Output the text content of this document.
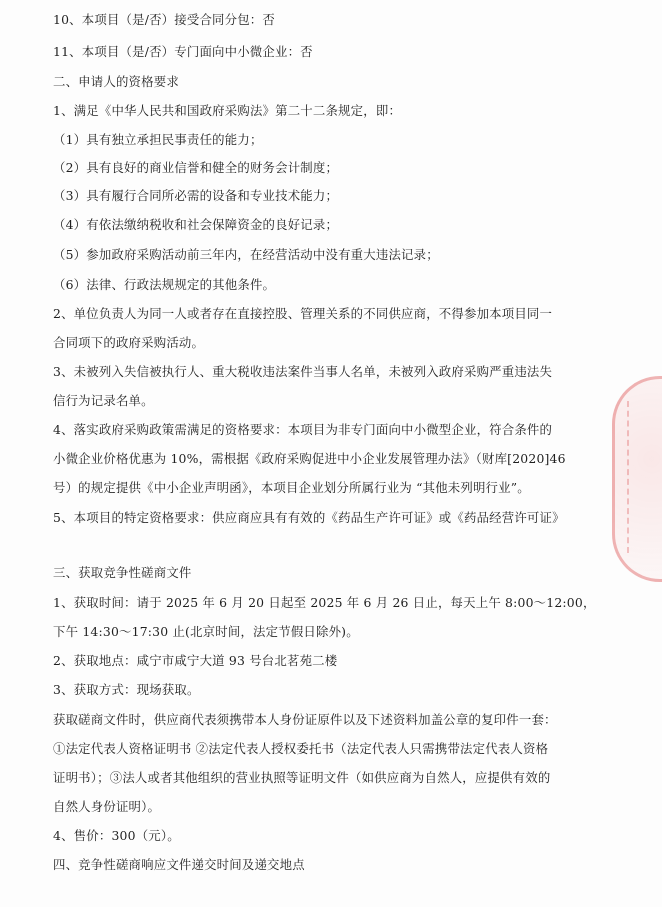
10、本项目（是/否）接受合同分包：否
11、本项目（是/否）专门面向中小微企业：否
二、申请人的资格要求
1、满足《中华人民共和国政府采购法》第二十二条规定，即：
（1）具有独立承担民事责任的能力；
（2）具有良好的商业信誉和健全的财务会计制度；
（3）具有履行合同所必需的设备和专业技术能力；
（4）有依法缴纳税收和社会保障资金的良好记录；
（5）参加政府采购活动前三年内，在经营活动中没有重大违法记录；
（6）法律、行政法规规定的其他条件。
2、单位负责人为同一人或者存在直接控股、管理关系的不同供应商，不得参加本项目同一
合同项下的政府采购活动。
3、未被列入失信被执行人、重大税收违法案件当事人名单，未被列入政府采购严重违法失
信行为记录名单。
4、落实政府采购政策需满足的资格要求：本项目为非专门面向中小微型企业，符合条件的
小微企业价格优惠为 10%，需根据《政府采购促进中小企业发展管理办法》（财库[2020]46
号）的规定提供《中小企业声明函》，本项目企业划分所属行业为 “其他未列明行业”。
5、本项目的特定资格要求：供应商应具有有效的《药品生产许可证》或《药品经营许可证》
三、获取竞争性磋商文件
1、获取时间：请于 2025 年 6 月 20 日起至 2025 年 6 月 26 日止，每天上午 8:00～12:00，
下午 14:30～17:30 止(北京时间，法定节假日除外)。
2、获取地点：咸宁市咸宁大道 93 号台北茗苑二楼
3、获取方式：现场获取。
获取磋商文件时，供应商代表须携带本人身份证原件以及下述资料加盖公章的复印件一套：
①法定代表人资格证明书 ②法定代表人授权委托书（法定代表人只需携带法定代表人资格
证明书）；③法人或者其他组织的营业执照等证明文件（如供应商为自然人，应提供有效的
自然人身份证明）。
4、售价：300（元）。
四、竞争性磋商响应文件递交时间及递交地点
